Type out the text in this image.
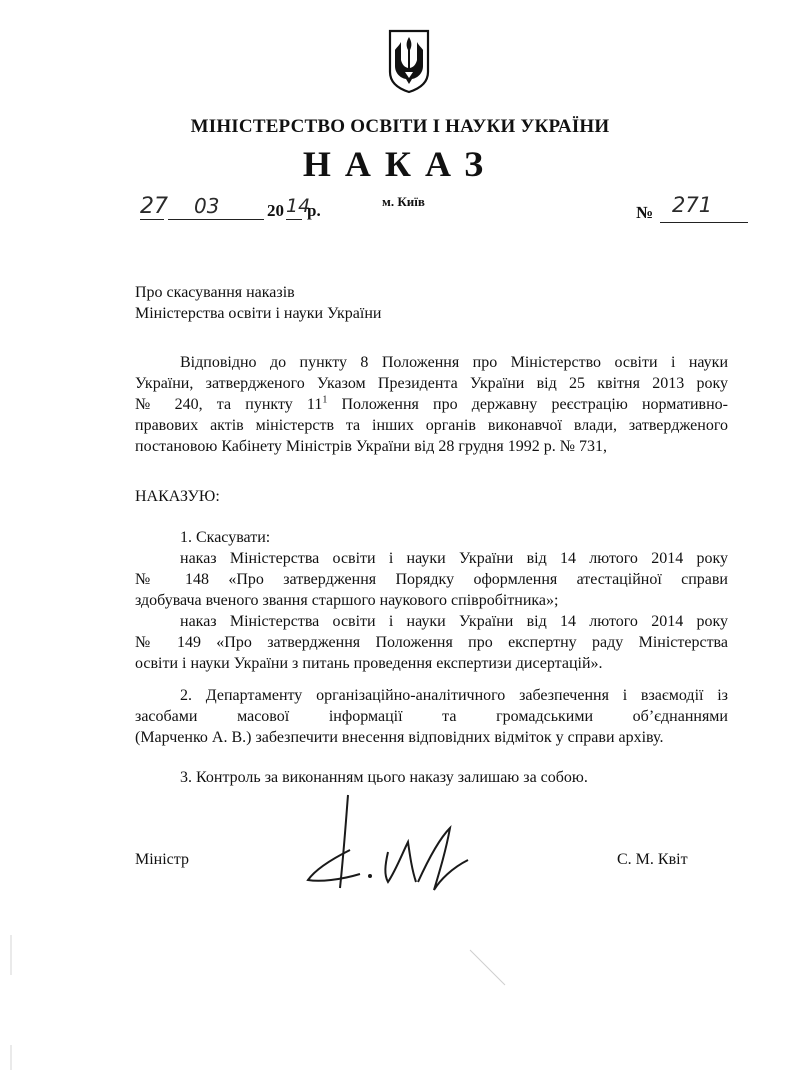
МІНІСТЕРСТВО ОСВІТИ І НАУКИ УКРАЇНИ
НАКАЗ
27 03	20 14
р.	м. Київ
№ 271
Про скасування наказів
Міністерства освіти і науки України
Відповідно до пункту 8 Положення про Міністерство освіти і науки
України, затвердженого Указом Президента України від 25 квітня 2013 року
№ 240, та пункту $11^1$ Положення про державну реєстрацію нормативно-
правових актів міністерств та інших органів виконавчої влади, затвердженого
постановою Кабінету Міністрів України від 28 грудня 1992 р. № 731,
НАКАЗУЮ:
1. Скасувати:
наказ Міністерства освіти і науки України від 14 лютого 2014 року
№ 148 «Про затвердження Порядку оформлення атестаційної справи
здобувача вченого звання старшого наукового співробітника»;
наказ Міністерства освіти і науки України від 14 лютого 2014 року
№ 149 «Про затвердження Положення про експертну раду Міністерства
освіти і науки України з питань проведення експертизи дисертацій».
2. Департаменту організаційно-аналітичного забезпечення і взаємодії із
засобами масової інформації та громадськими об’єднаннями
(Марченко А. В.) забезпечити внесення відповідних відміток у справи архіву.
3. Контроль за виконанням цього наказу залишаю за собою.
Міністр	С. М. Квіт
